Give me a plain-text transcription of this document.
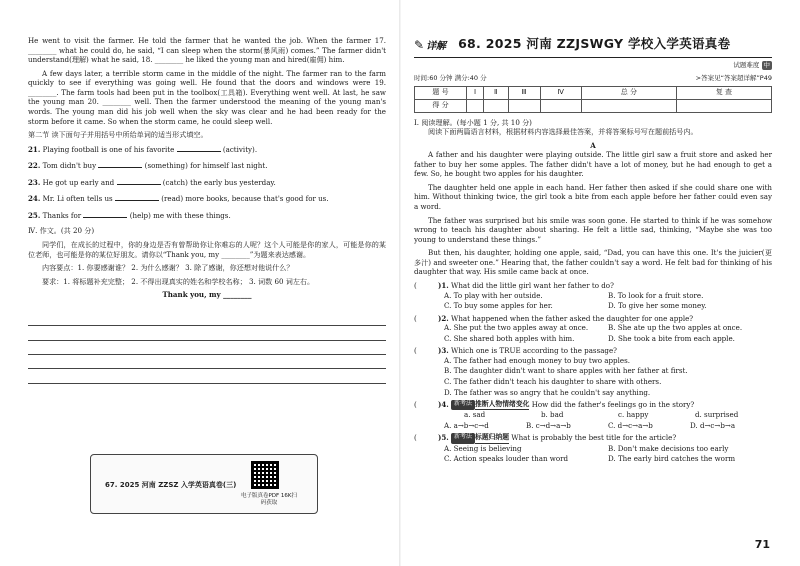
He went to visit the farmer. He told the farmer that he wanted the job. When the farmer 17. ________ what he could do, he said, “I can sleep when the storm(暴风雨) comes.” The farmer didn't understand(理解) what he said, 18. ________ he liked the young man and hired(雇佣) him.

A few days later, a terrible storm came in the middle of the night. The farmer ran to the farm quickly to see if everything was going well. He found that the doors and windows were 19. ________. The farm tools had been put in the toolbox(工具箱). Everything went well. At last, he saw the young man 20. ________ well. Then the farmer understood the meaning of the young man's words. The young man did his job well when the sky was clear and he had been ready for the storm before it came. So when the storm came, he could sleep well.

第二节 读下面句子并用括号中所给单词的适当形式填空。
21. Playing football is one of his favorite	(activity).
22. Tom didn't buy	(something) for himself last night.
23. He got up early and	(catch) the early bus yesterday.
24. Mr. Li often tells us	(read) more books, because that's good for us.
25. Thanks for	(help) me with these things.
Ⅳ. 作文。(共 20 分)

同学们，在成长的过程中，你的身边是否有曾帮助你让你难忘的人呢？这个人可能是你的家人，可能是你的某位老师，也可能是你的某位好朋友。请你以“Thank you, my ________”为题来表达感谢。

内容要点：1. 你要感谢谁？ 2. 为什么感谢？ 3. 除了感谢，你还想对他说什么？

要求：1. 将标题补充完整； 2. 不得出现真实的姓名和学校名称； 3. 词数 60 词左右。

Thank you, my ________
67. 2025 河南 ZZSZ 入学英语真卷(三)
电子版真卷PDF 16K扫码获取
✎ 详解 68. 2025 河南 ZZJSWGY 学校入学英语真卷
试题难度 中
时间:60 分钟 满分:40 分	>答案见“答案超详解”P49
题 号	Ⅰ	Ⅱ	Ⅲ	Ⅳ	总 分	复 查
得 分						
Ⅰ. 阅读理解。(每小题 1 分, 共 10 分)

阅读下面两篇语言材料，根据材料内容选择最佳答案，并将答案标号写在题前括号内。

A

A father and his daughter were playing outside. The little girl saw a fruit store and asked her father to buy her some apples. The father didn't have a lot of money, but he had enough to get a few. So, he bought two apples for his daughter.

The daughter held one apple in each hand. Her father then asked if she could share one with him. Without thinking twice, the girl took a bite from each apple before her father could even say a word.

The father was surprised but his smile was soon gone. He started to think if he was somehow wrong to teach his daughter about sharing. He felt a little sad, thinking, “Maybe she was too young to understand these things.”

But then, his daughter, holding one apple, said, “Dad, you can have this one. It's the juicier(更多汁) and sweeter one.” Hearing that, the father couldn't say a word. He felt bad for thinking of his daughter that way. His smile came back at once.

(	)1.
What did the little girl want her father to do?
A. To play with her outside.	B. To look for a fruit store.
C. To buy some apples for her.	D. To give her some money.
(	)2.
What happened when the father asked the daughter for one apple?
A. She put the two apples away at once.	B. She ate up the two apples at once.
C. She shared both apples with him.	D. She took a bite from each apple.
(	)3.
Which one is TRUE according to the passage?
A. The father had enough money to buy two apples.
B. The daughter didn't want to share apples with her father at first.
C. The father didn't teach his daughter to share with others.
D. The father was so angry that he couldn't say anything.
(	)4.
新考法 推断人物情绪变化
How did the father's feelings go in the story?
a. sad	b. bad	c. happy	d. surprised
A. a→b→c→d	B. c→d→a→b	C. d→c→a→b	D. d→c→b→a
(	)5.
新考法 标题归纳题
What is probably the best title for the article?
A. Seeing is believing	B. Don't make decisions too early
C. Action speaks louder than word	D. The early bird catches the worm
71
